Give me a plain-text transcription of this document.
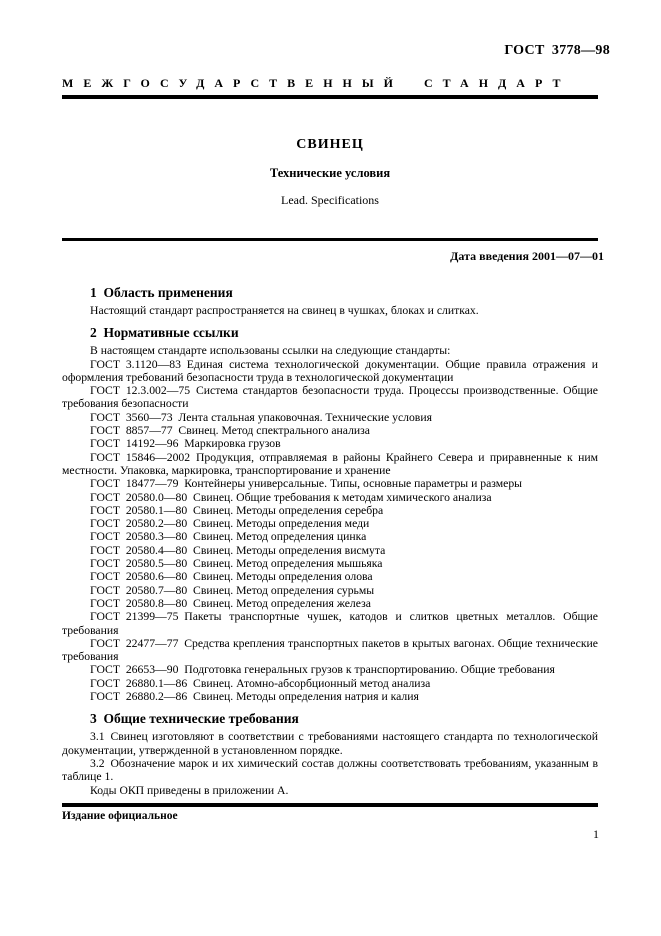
ГОСТ 3778—98
МЕЖГОСУДАРСТВЕННЫЙ СТАНДАРТ
СВИНЕЦ
Технические условия
Lead. Specifications
Дата введения 2001—07—01
1 Область применения

Настоящий стандарт распространяется на свинец в чушках, блоках и слитках.

2 Нормативные ссылки

В настоящем стандарте использованы ссылки на следующие стандарты:

ГОСТ 3.1120—83 Единая система технологической документации. Общие правила отражения и оформления требований безопасности труда в технологической документации

ГОСТ 12.3.002—75 Система стандартов безопасности труда. Процессы производственные. Общие требования безопасности

ГОСТ 3560—73 Лента стальная упаковочная. Технические условия

ГОСТ 8857—77 Свинец. Метод спектрального анализа

ГОСТ 14192—96 Маркировка грузов

ГОСТ 15846—2002 Продукция, отправляемая в районы Крайнего Севера и приравненные к ним местности. Упаковка, маркировка, транспортирование и хранение

ГОСТ 18477—79 Контейнеры универсальные. Типы, основные параметры и размеры

ГОСТ 20580.0—80 Свинец. Общие требования к методам химического анализа

ГОСТ 20580.1—80 Свинец. Методы определения серебра

ГОСТ 20580.2—80 Свинец. Методы определения меди

ГОСТ 20580.3—80 Свинец. Метод определения цинка

ГОСТ 20580.4—80 Свинец. Методы определения висмута

ГОСТ 20580.5—80 Свинец. Метод определения мышьяка

ГОСТ 20580.6—80 Свинец. Методы определения олова

ГОСТ 20580.7—80 Свинец. Метод определения сурьмы

ГОСТ 20580.8—80 Свинец. Метод определения железа

ГОСТ 21399—75 Пакеты транспортные чушек, катодов и слитков цветных металлов. Общие требования

ГОСТ 22477—77 Средства крепления транспортных пакетов в крытых вагонах. Общие технические требования

ГОСТ 26653—90 Подготовка генеральных грузов к транспортированию. Общие требования

ГОСТ 26880.1—86 Свинец. Атомно-абсорбционный метод анализа

ГОСТ 26880.2—86 Свинец. Методы определения натрия и калия

3 Общие технические требования

3.1 Свинец изготовляют в соответствии с требованиями настоящего стандарта по технологической документации, утвержденной в установленном порядке.

3.2 Обозначение марок и их химический состав должны соответствовать требованиям, указанным в таблице 1.

Коды ОКП приведены в приложении А.

Издание официальное
1
